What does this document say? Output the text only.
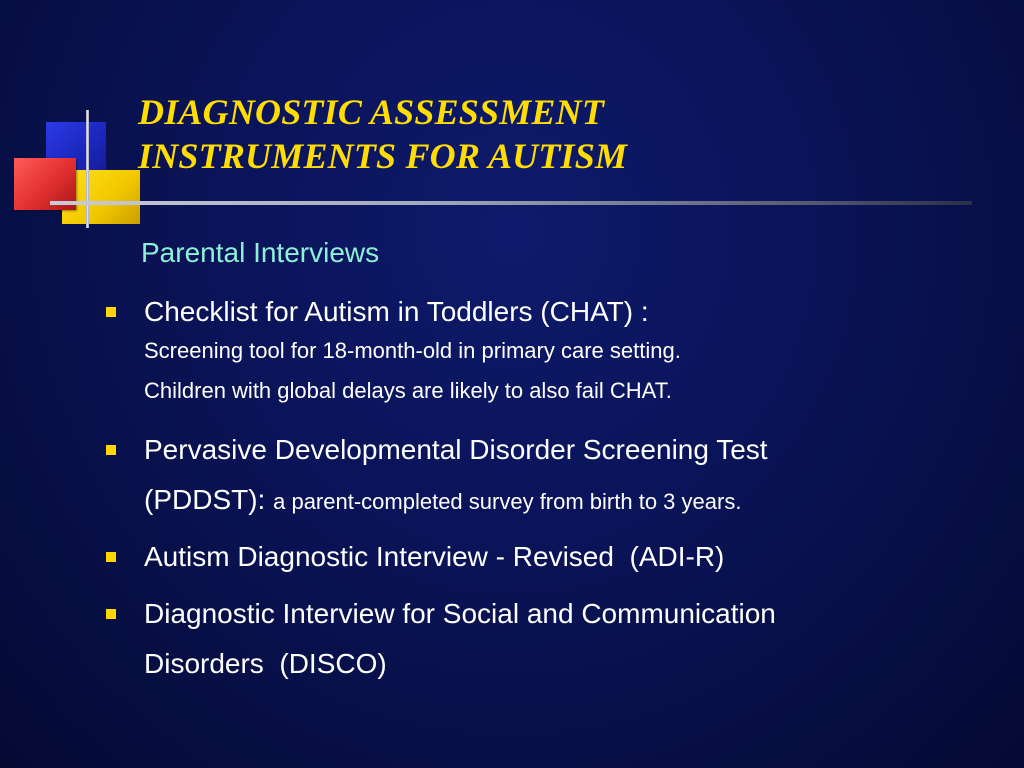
DIAGNOSTIC ASSESSMENT
INSTRUMENTS FOR AUTISM
Parental Interviews
Checklist for Autism in Toddlers (CHAT) :
Screening tool for 18-month-old in primary care setting.
Children with global delays are likely to also fail CHAT.
Pervasive Developmental Disorder Screening Test
(PDDST): a parent-completed survey from birth to 3 years.
Autism Diagnostic Interview - Revised  (ADI-R)
Diagnostic Interview for Social and Communication
Disorders  (DISCO)
